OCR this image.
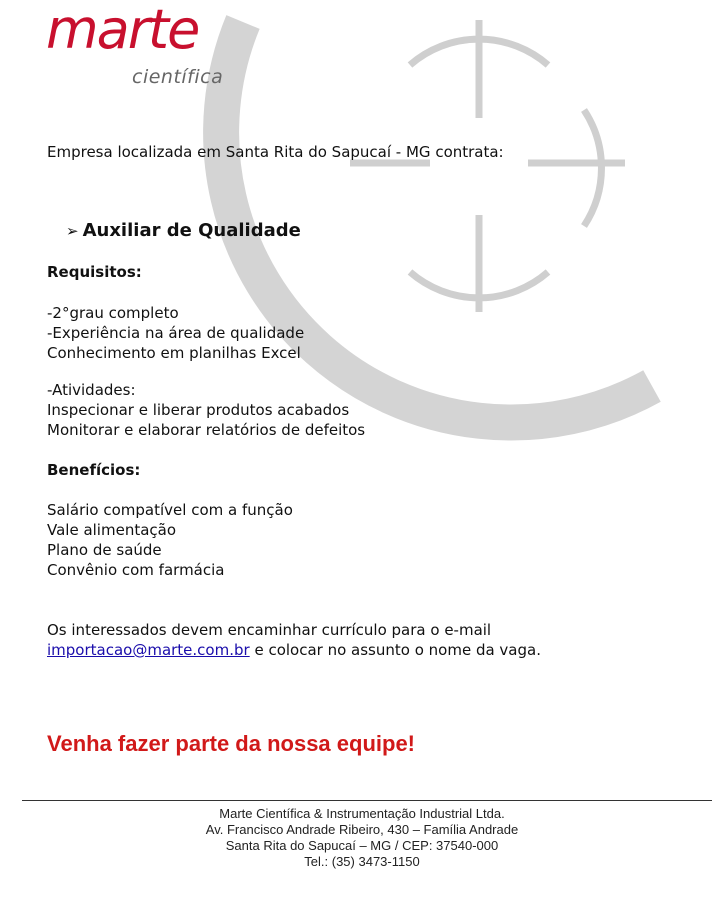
marte
científica
Empresa localizada em Santa Rita do Sapucaí - MG contrata:
➢ Auxiliar de Qualidade
Requisitos:
-2°grau completo
-Experiência na área de qualidade
Conhecimento em planilhas Excel
-Atividades:
Inspecionar e liberar produtos acabados
Monitorar e elaborar relatórios de defeitos
Benefícios:
Salário compatível com a função
Vale alimentação
Plano de saúde
Convênio com farmácia
Os interessados devem encaminhar currículo para o e-mail
importacao@marte.com.br e colocar no assunto o nome da vaga.
Venha fazer parte da nossa equipe!
Marte Científica & Instrumentação Industrial Ltda.
Av. Francisco Andrade Ribeiro, 430 – Família Andrade
Santa Rita do Sapucaí – MG / CEP: 37540-000
Tel.: (35) 3473-1150
